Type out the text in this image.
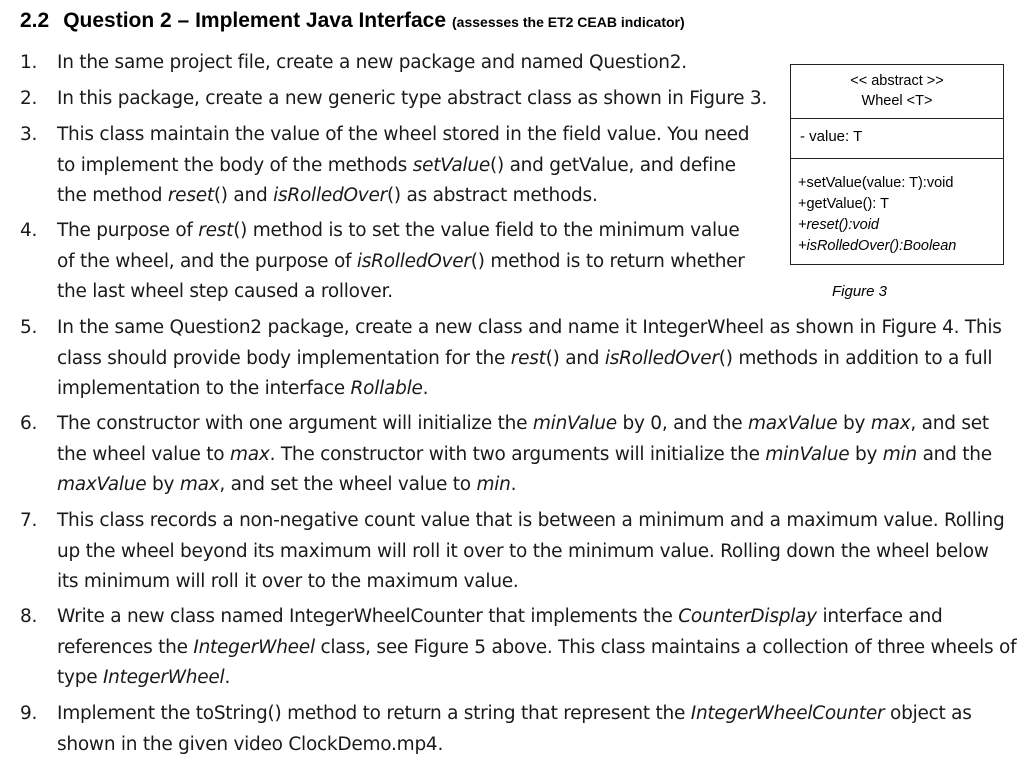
2.2 Question 2 – Implement Java Interface (assesses the ET2 CEAB indicator)
1. In the same project file, create a new package and named Question2.
2. In this package, create a new generic type abstract class as shown in Figure 3.
3. This class maintain the value of the wheel stored in the field value. You need
to implement the body of the methods setValue() and getValue, and define
the method reset() and isRolledOver() as abstract methods.
4. The purpose of rest() method is to set the value field to the minimum value
of the wheel, and the purpose of isRolledOver() method is to return whether
the last wheel step caused a rollover.
5. In the same Question2 package, create a new class and name it IntegerWheel as shown in Figure 4. This
class should provide body implementation for the rest() and isRolledOver() methods in addition to a full
implementation to the interface Rollable.
6. The constructor with one argument will initialize the minValue by 0, and the maxValue by max, and set
the wheel value to max. The constructor with two arguments will initialize the minValue by min and the
maxValue by max, and set the wheel value to min.
7. This class records a non-negative count value that is between a minimum and a maximum value. Rolling
up the wheel beyond its maximum will roll it over to the minimum value. Rolling down the wheel below
its minimum will roll it over to the maximum value.
8. Write a new class named IntegerWheelCounter that implements the CounterDisplay interface and
references the IntegerWheel class, see Figure 5 above. This class maintains a collection of three wheels of
type IntegerWheel.
9. Implement the toString() method to return a string that represent the IntegerWheelCounter object as
shown in the given video ClockDemo.mp4.
<< abstract >>
Wheel <T>
- value: T
+setValue(value: T):void
+getValue(): T
+reset():void
+isRolledOver():Boolean
Figure 3
